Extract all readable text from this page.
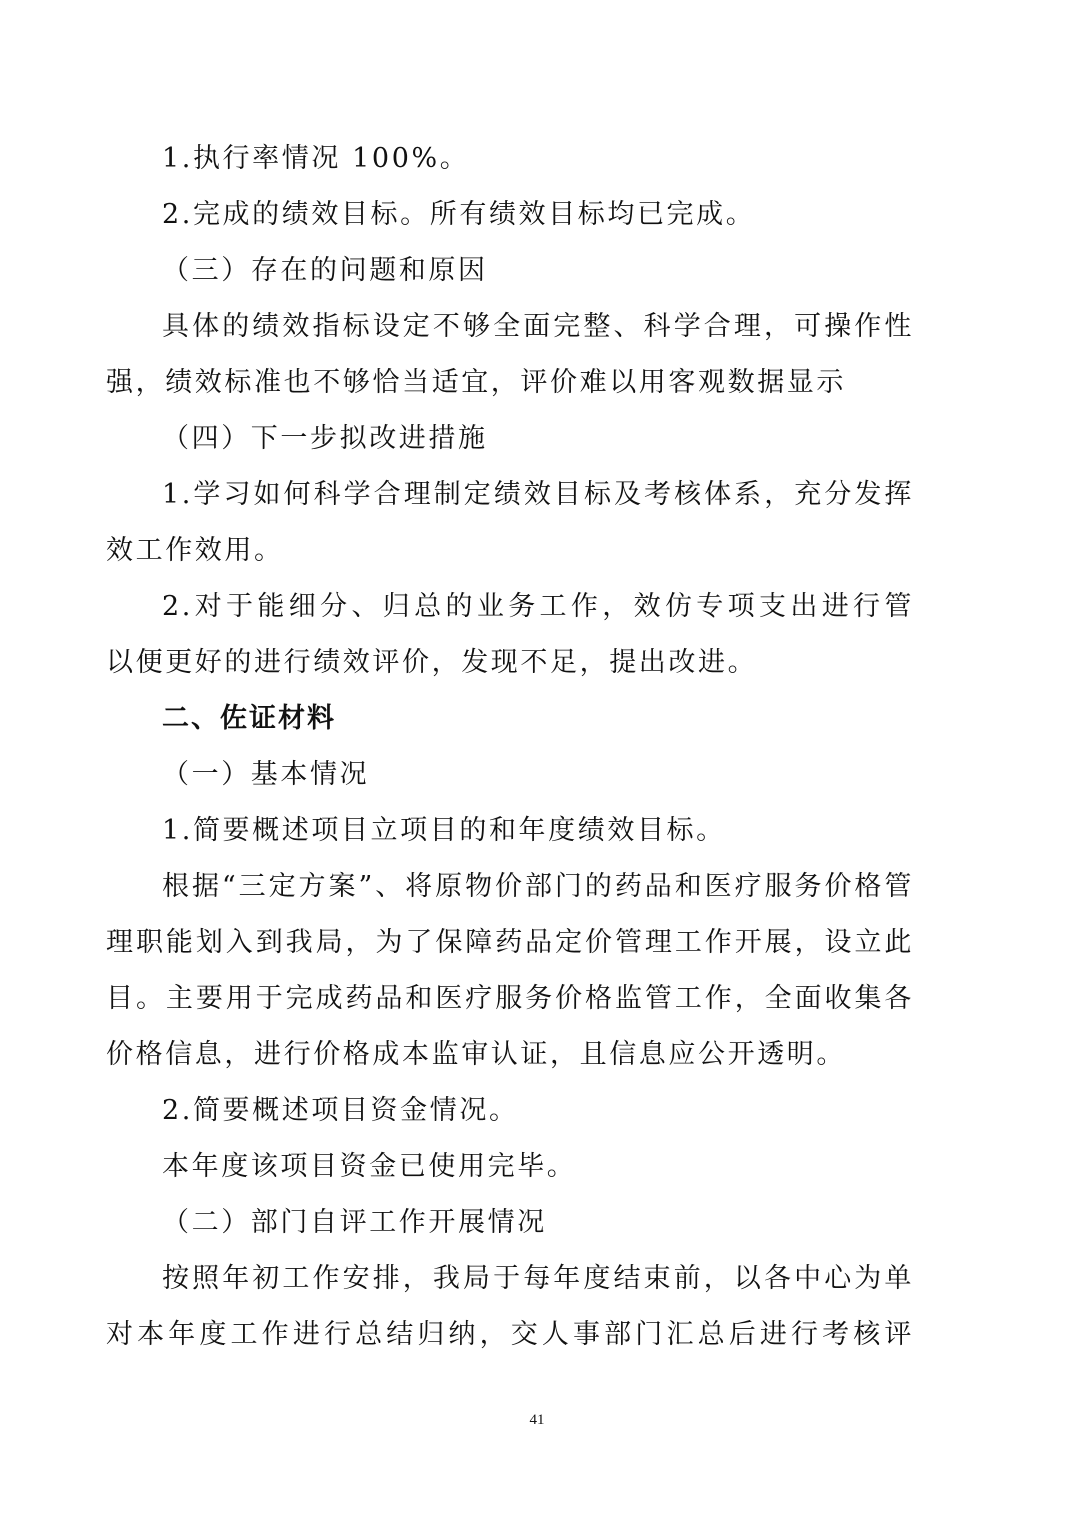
1.执行率情况 100%。
2.完成的绩效目标。所有绩效目标均已完成。
（三）存在的问题和原因
具体的绩效指标设定不够全面完整、科学合理，可操作性
强，绩效标准也不够恰当适宜，评价难以用客观数据显示
（四）下一步拟改进措施
1.学习如何科学合理制定绩效目标及考核体系，充分发挥
效工作效用。
2.对于能细分、归总的业务工作，效仿专项支出进行管
以便更好的进行绩效评价，发现不足，提出改进。
二、佐证材料
（一）基本情况
1.简要概述项目立项目的和年度绩效目标。
根据“三定方案”、将原物价部门的药品和医疗服务价格管
理职能划入到我局，为了保障药品定价管理工作开展，设立此
目。主要用于完成药品和医疗服务价格监管工作，全面收集各
价格信息，进行价格成本监审认证，且信息应公开透明。
2.简要概述项目资金情况。
本年度该项目资金已使用完毕。
（二）部门自评工作开展情况
按照年初工作安排，我局于每年度结束前，以各中心为单
对本年度工作进行总结归纳，交人事部门汇总后进行考核评
41
